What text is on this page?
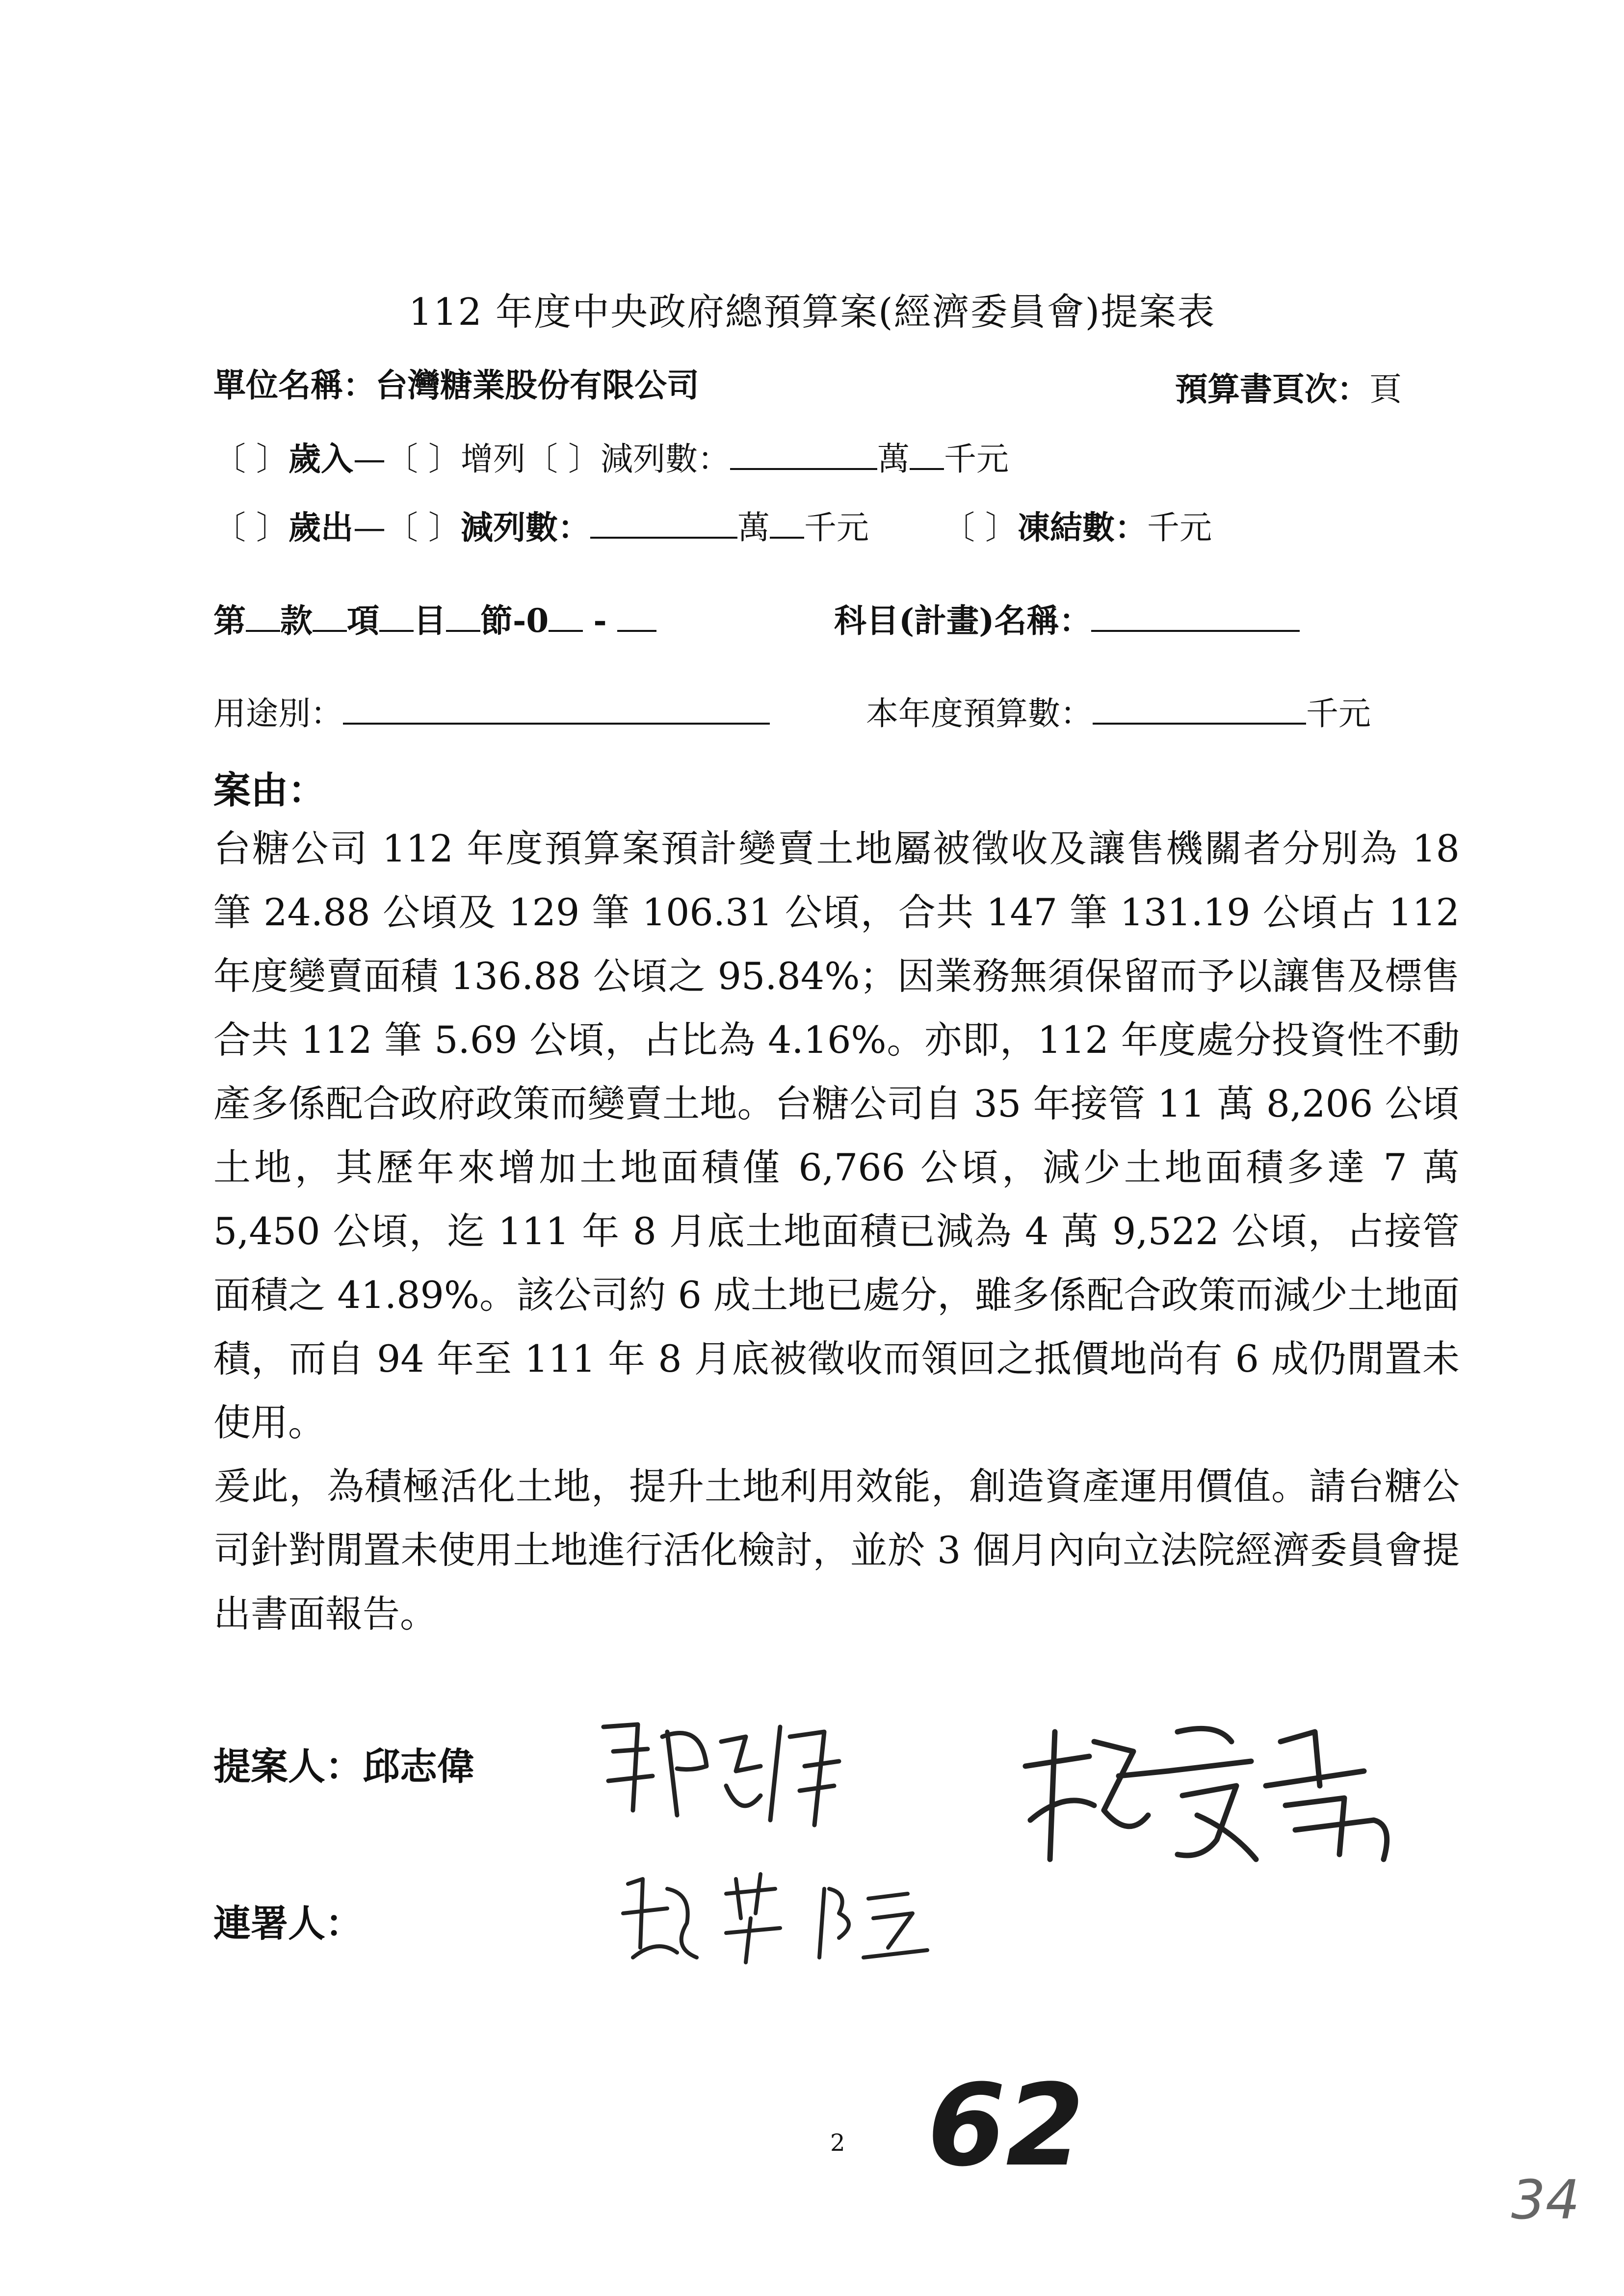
112 年度中央政府總預算案(經濟委員會)提案表
單位名稱：台灣糖業股份有限公司	預算書頁次：頁
〔 〕歲入—〔 〕增列〔 〕減列數：	萬 千元
〔 〕歲出—〔 〕減列數：	萬 千元 〔 〕凍結數：千元
第 款 項 目 節-0 -	科目(計畫)名稱：
用途別：	本年度預算數：	千元
案由：

台糖公司 112 年度預算案預計變賣土地屬被徵收及讓售機關者分別為 18 筆 24.88 公頃及 129 筆 106.31 公頃，合共 147 筆 131.19 公頃占 112 年度變賣面積 136.88 公頃之 95.84%；因業務無須保留而予以讓售及標售合共 112 筆 5.69 公頃，占比為 4.16%。亦即，112 年度處分投資性不動產多係配合政府政策而變賣土地。台糖公司自 35 年接管 11 萬 8,206 公頃土地，其歷年來增加土地面積僅 6,766 公頃，減少土地面積多達 7 萬 5,450 公頃，迄 111 年 8 月底土地面積已減為 4 萬 9,522 公頃，占接管面積之 41.89%。該公司約 6 成土地已處分，雖多係配合政策而減少土地面積，而自 94 年至 111 年 8 月底被徵收而領回之抵價地尚有 6 成仍閒置未使用。

爰此，為積極活化土地，提升土地利用效能，創造資產運用價值。請台糖公司針對閒置未使用土地進行活化檢討，並於 3 個月內向立法院經濟委員會提出書面報告。

提案人：邱志偉
連署人：
2 62
34
